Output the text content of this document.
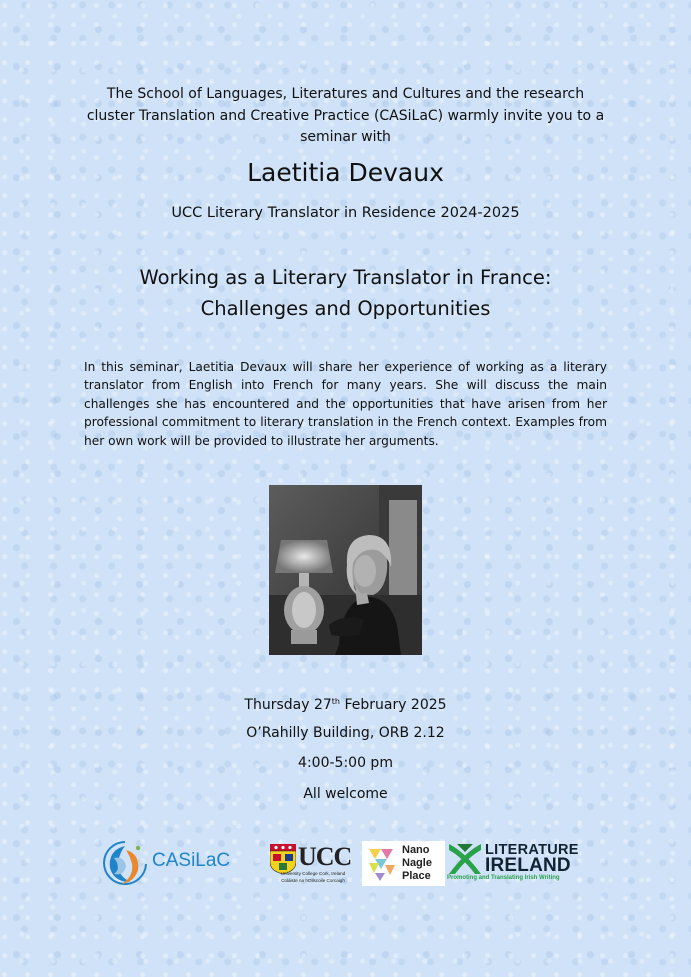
The School of Languages, Literatures and Cultures and the research cluster Translation and Creative Practice (CASiLaC) warmly invite you to a seminar with
Laetitia Devaux
UCC Literary Translator in Residence 2024-2025
Working as a Literary Translator in France:
Challenges and Opportunities
In this seminar, Laetitia Devaux will share her experience of working as a literary translator from English into French for many years. She will discuss the main challenges she has encountered and the opportunities that have arisen from her professional commitment to literary translation in the French context. Examples from her own work will be provided to illustrate her arguments.
Thursday 27th February 2025
O’Rahilly Building, ORB 2.12
4:00-5:00 pm
All welcome
CASiLaC	UCC
University College Cork, Ireland
Coláiste na hOllscoile Corcaigh
Nano
Nagle
Place
LITERATURE
IRELAND
Promoting and Translating Irish Writing
